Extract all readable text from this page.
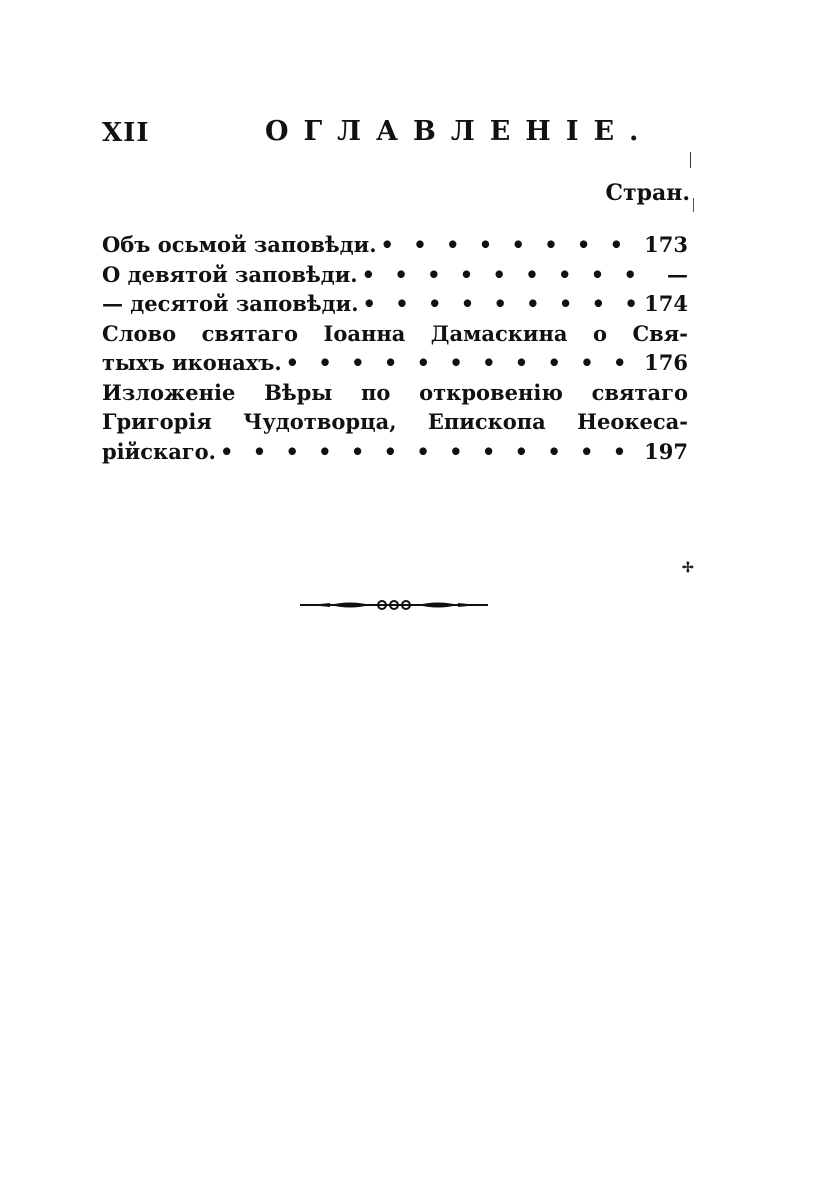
XII	ОГЛАВЛЕНІЕ.
Стран.
Объ осьмой заповѣди. • • •	173
О девятой заповѣди. • • •	—
— десятой заповѣди. • • •	174
Слово святаго Іоанна Дамаскина о Свя-
тыхъ иконахъ. • • •	176
Изложеніе Вѣры по откровенію святаго
Григорія Чудотворца, Епископа Неокеса-
рійскаго. • • •	197
✢
